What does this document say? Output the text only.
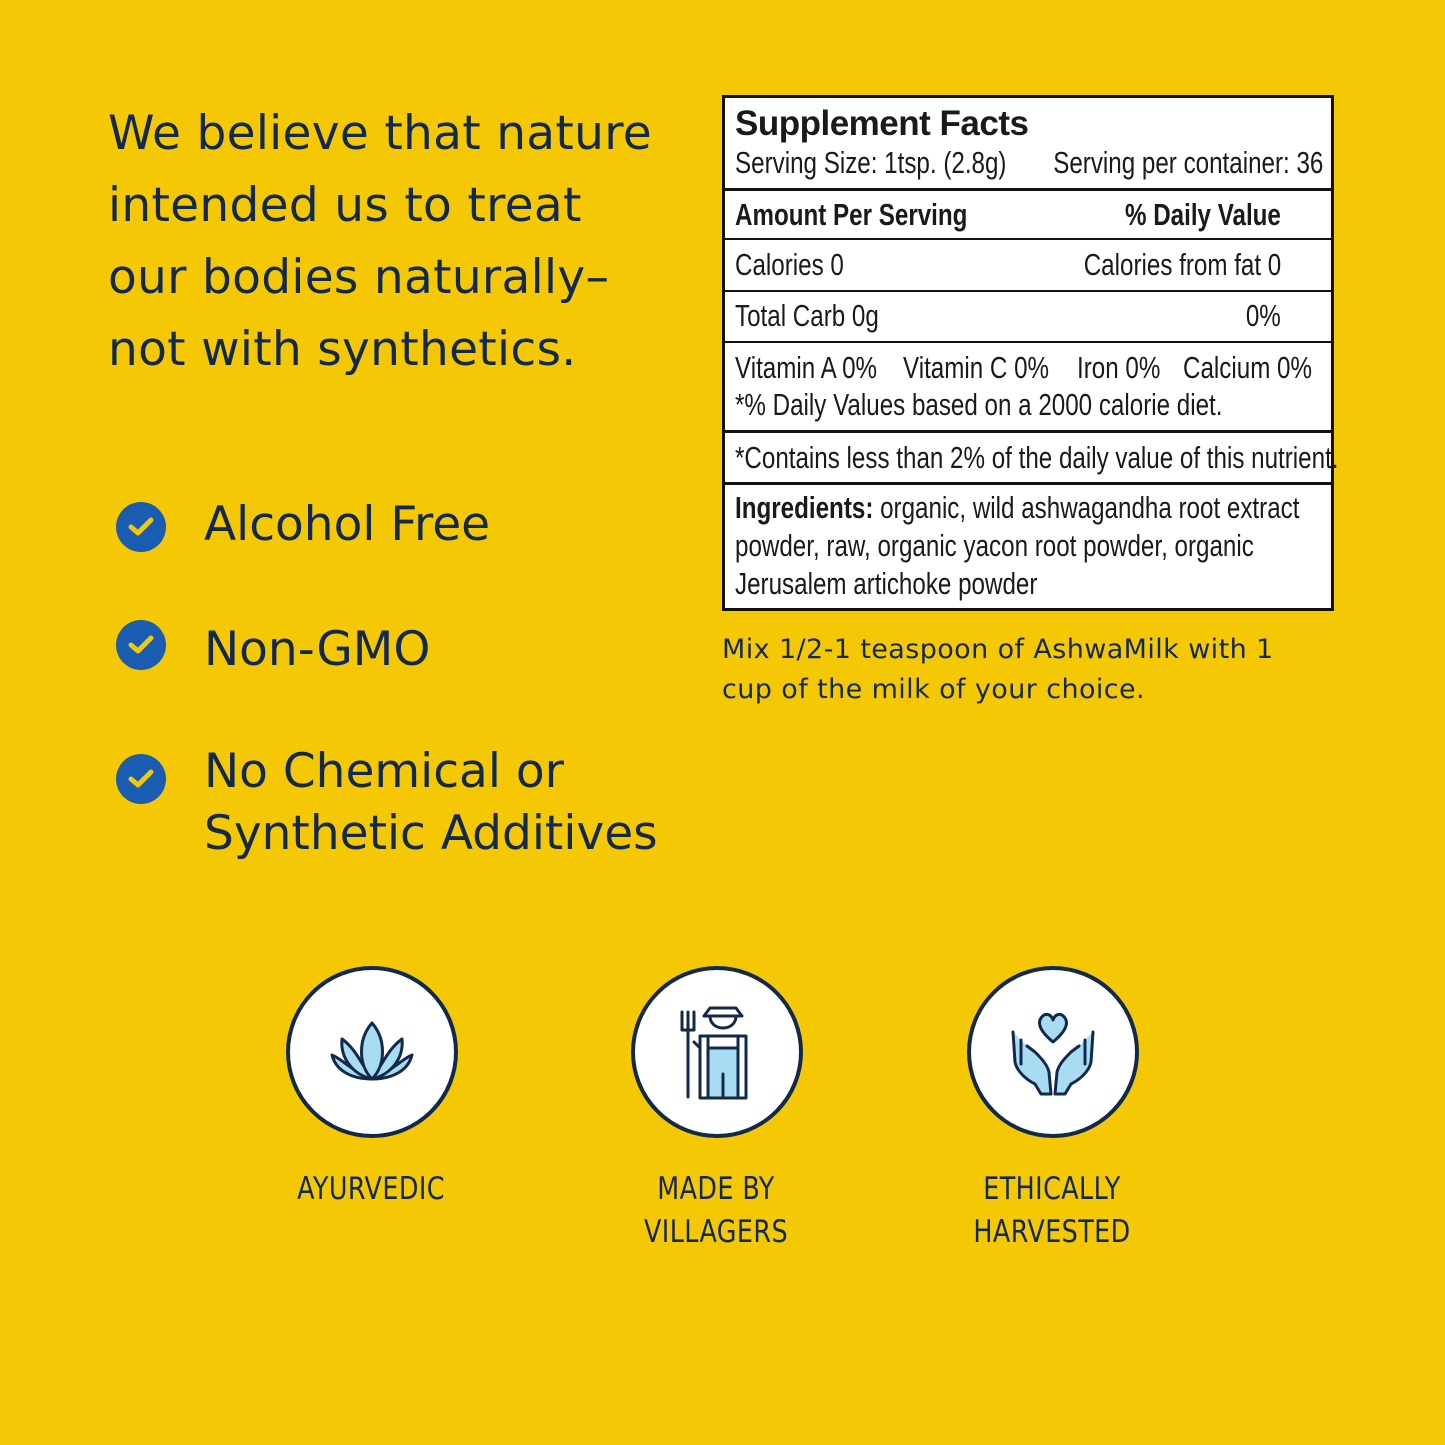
We believe that nature
intended us to treat
our bodies naturally–
not with synthetics.
Alcohol Free
Non-GMO
No Chemical or
Synthetic Additives
Supplement Facts
Serving Size: 1tsp. (2.8g)	Serving per container: 36
Amount Per Serving	% Daily Value
Calories 0	Calories from fat 0
Total Carb 0g	0%
Vitamin A 0% Vitamin C 0% Iron 0% Calcium 0%
*% Daily Values based on a 2000 calorie diet.
*Contains less than 2% of the daily value of this nutrient.
Ingredients: organic, wild ashwagandha root extract
powder, raw, organic yacon root powder, organic
Jerusalem artichoke powder
Mix 1/2-1 teaspoon of AshwaMilk with 1
cup of the milk of your choice.
AYURVEDIC	MADE BY
VILLAGERS
ETHICALLY
HARVESTED
